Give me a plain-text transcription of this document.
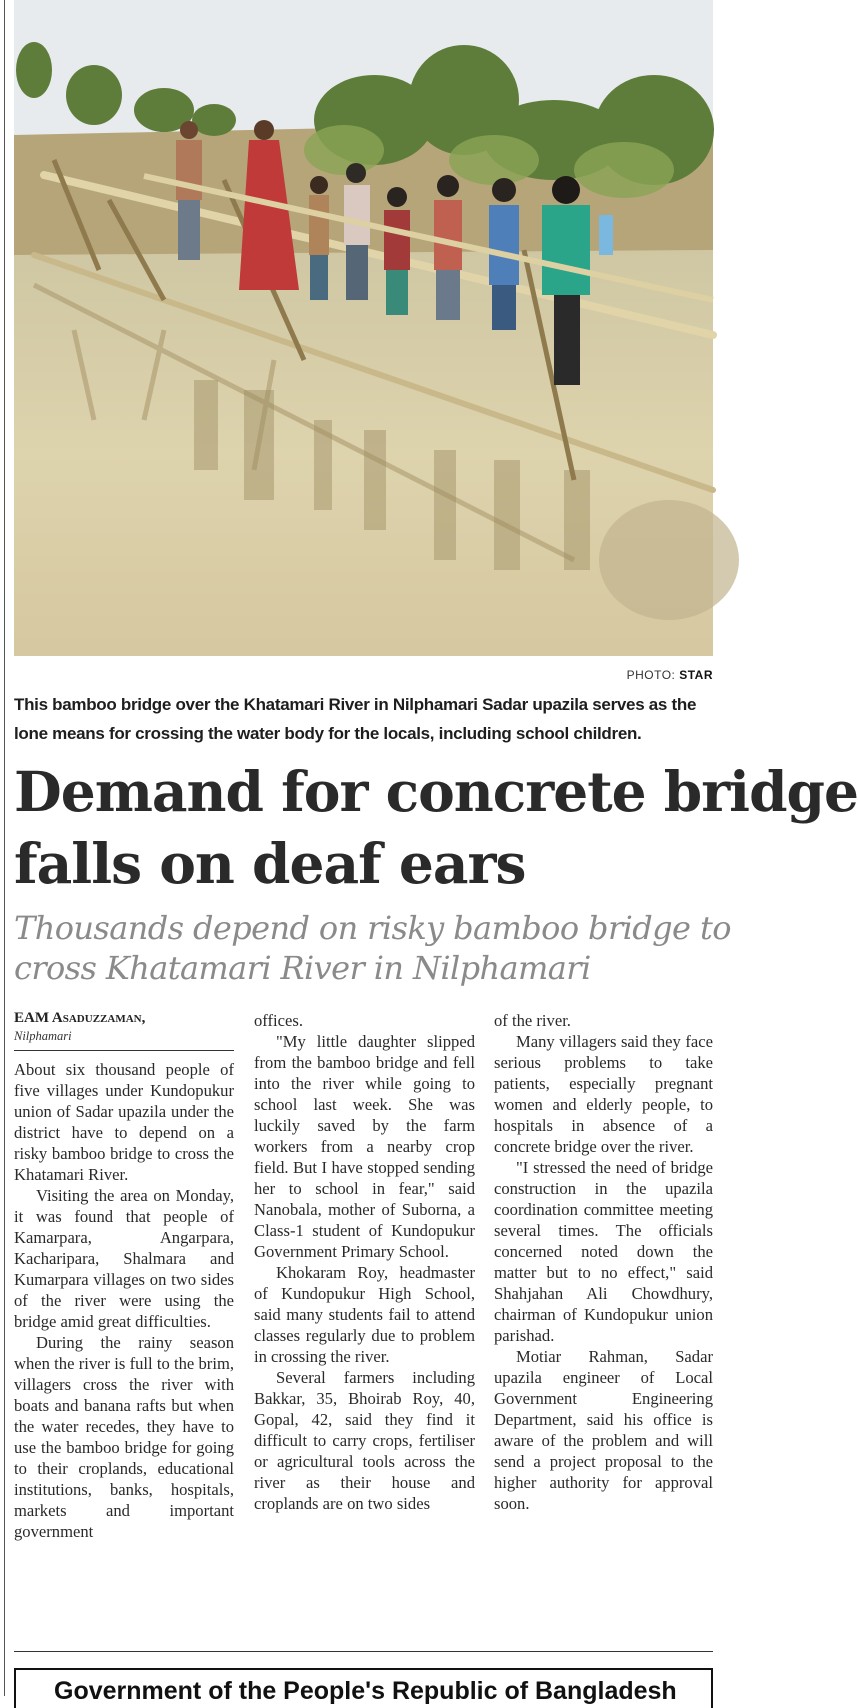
PHOTO: STAR
This bamboo bridge over the Khatamari River in Nilphamari Sadar upazila serves as the lone means for crossing the water body for the locals, including school children.
Demand for concrete bridge
falls on deaf ears
Thousands depend on risky bamboo bridge to
cross Khatamari River in Nilphamari
EAM Asaduzzaman,
Nilphamari

About six thousand people of five villages under Kundopukur union of Sadar upazila under the district have to depend on a risky bamboo bridge to cross the Khatamari River.

Visiting the area on Monday, it was found that people of Kamarpara, Angarpara, Kacharipara, Shalmara and Kumarpara villages on two sides of the river were using the bridge amid great difficulties.

During the rainy season when the river is full to the brim, villagers cross the river with boats and banana rafts but when the water recedes, they have to use the bamboo bridge for going to their croplands, educational institutions, banks, hospitals, markets and important government

offices.

"My little daughter slipped from the bamboo bridge and fell into the river while going to school last week. She was luckily saved by the farm workers from a nearby crop field. But I have stopped sending her to school in fear," said Nanobala, mother of Suborna, a Class-1 student of Kundopukur Government Primary School.

Khokaram Roy, headmaster of Kundopukur High School, said many students fail to attend classes regularly due to problem in crossing the river.

Several farmers including Bakkar, 35, Bhoirab Roy, 40, Gopal, 42, said they find it difficult to carry crops, fertiliser or agricultural tools across the river as their house and croplands are on two sides

of the river.

Many villagers said they face serious problems to take patients, especially pregnant women and elderly people, to hospitals in absence of a concrete bridge over the river.

"I stressed the need of bridge construction in the upazila coordination committee meeting several times. The officials concerned noted down the matter but to no effect," said Shahjahan Ali Chowdhury, chairman of Kundopukur union parishad.

Motiar Rahman, Sadar upazila engineer of Local Government Engineering Department, said his office is aware of the problem and will send a project proposal to the higher authority for approval soon.

Government of the People's Republic of Bangladesh
